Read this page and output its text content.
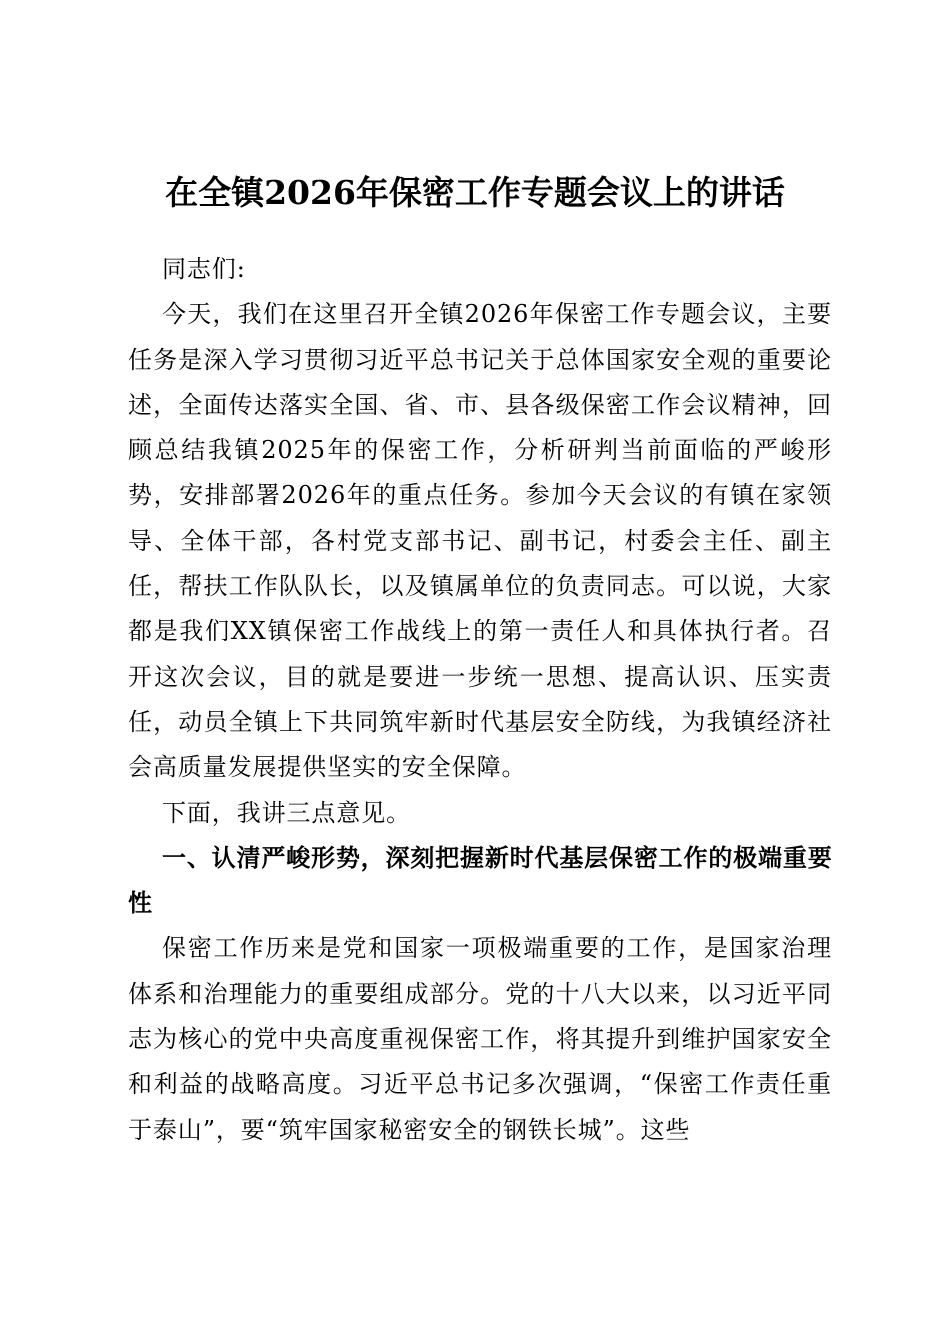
在全镇2026年保密工作专题会议上的讲话

同志们:

今天，我们在这里召开全镇2026年保密工作专题会议，主要任务是深入学习贯彻习近平总书记关于总体国家安全观的重要论述，全面传达落实全国、省、市、县各级保密工作会议精神，回顾总结我镇2025年的保密工作，分析研判当前面临的严峻形势，安排部署2026年的重点任务。参加今天会议的有镇在家领导、全体干部，各村党支部书记、副书记，村委会主任、副主任，帮扶工作队队长，以及镇属单位的负责同志。可以说，大家都是我们XX镇保密工作战线上的第一责任人和具体执行者。召开这次会议，目的就是要进一步统一思想、提高认识、压实责任，动员全镇上下共同筑牢新时代基层安全防线，为我镇经济社会高质量发展提供坚实的安全保障。

下面，我讲三点意见。

一、认清严峻形势，深刻把握新时代基层保密工作的极端重要性

保密工作历来是党和国家一项极端重要的工作，是国家治理体系和治理能力的重要组成部分。党的十八大以来，以习近平同志为核心的党中央高度重视保密工作，将其提升到维护国家安全和利益的战略高度。习近平总书记多次强调，“保密工作责任重于泰山”，要“筑牢国家秘密安全的钢铁长城”。这些
